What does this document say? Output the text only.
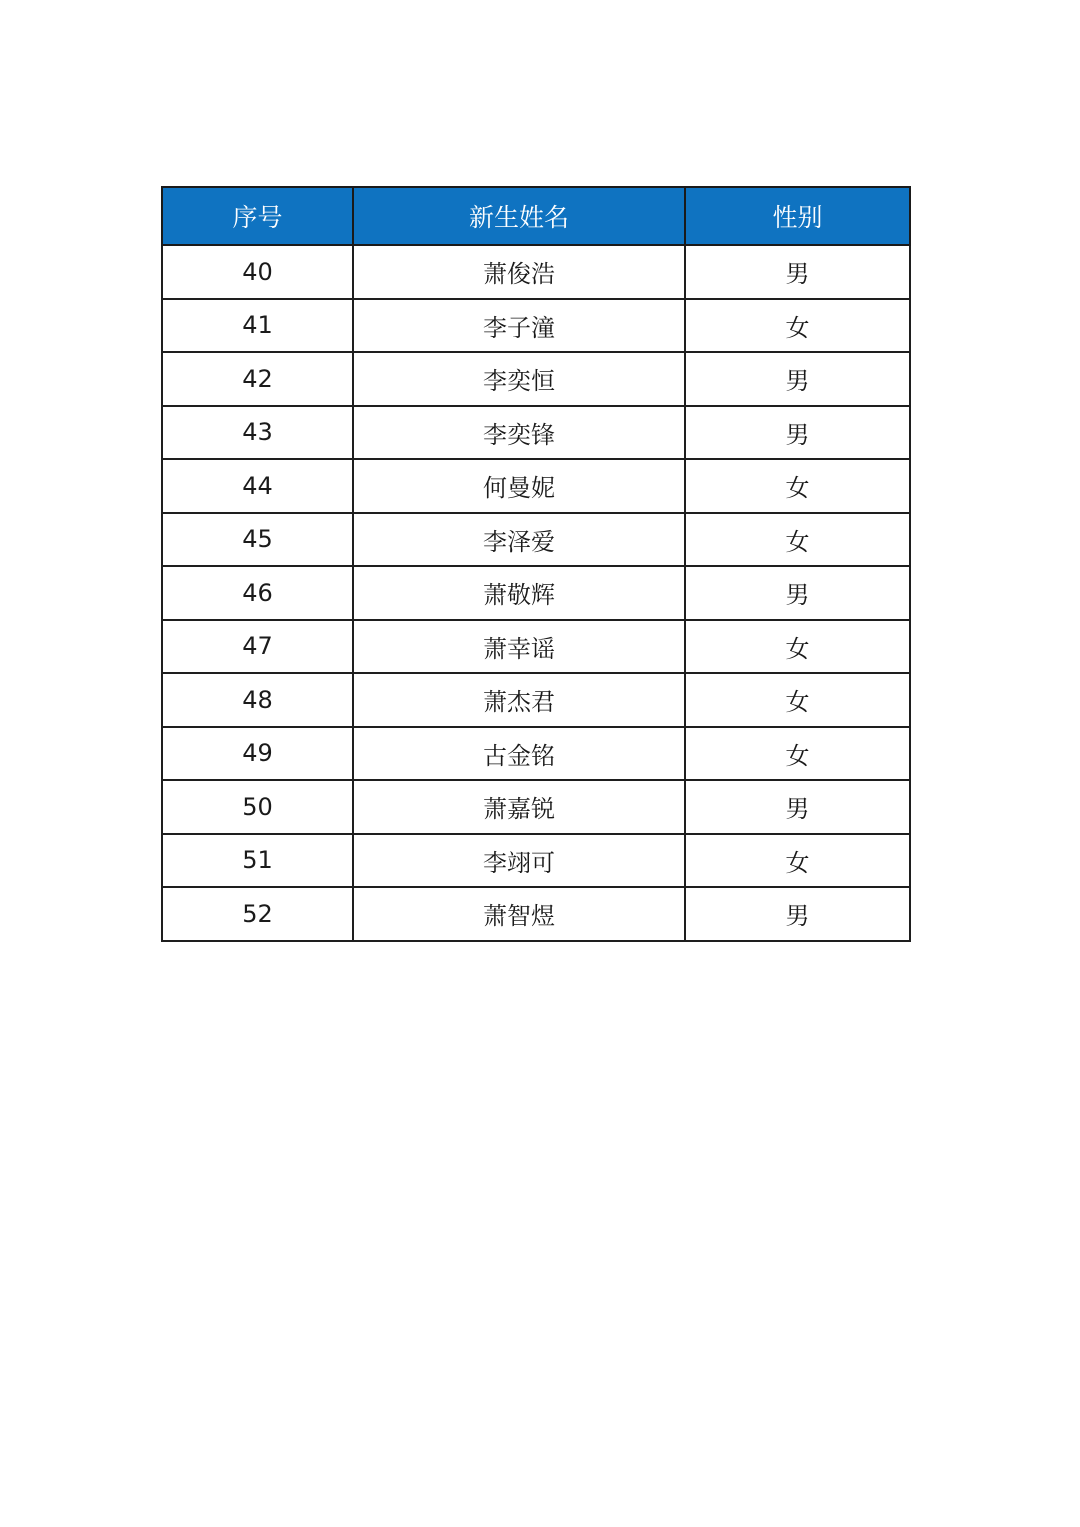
序号	新生姓名	性别
40	萧俊浩	男
41	李子潼	女
42	李奕恒	男
43	李奕锋	男
44	何曼妮	女
45	李泽爱	女
46	萧敬辉	男
47	萧幸谣	女
48	萧杰君	女
49	古金铭	女
50	萧嘉锐	男
51	李翊可	女
52	萧智煜	男
